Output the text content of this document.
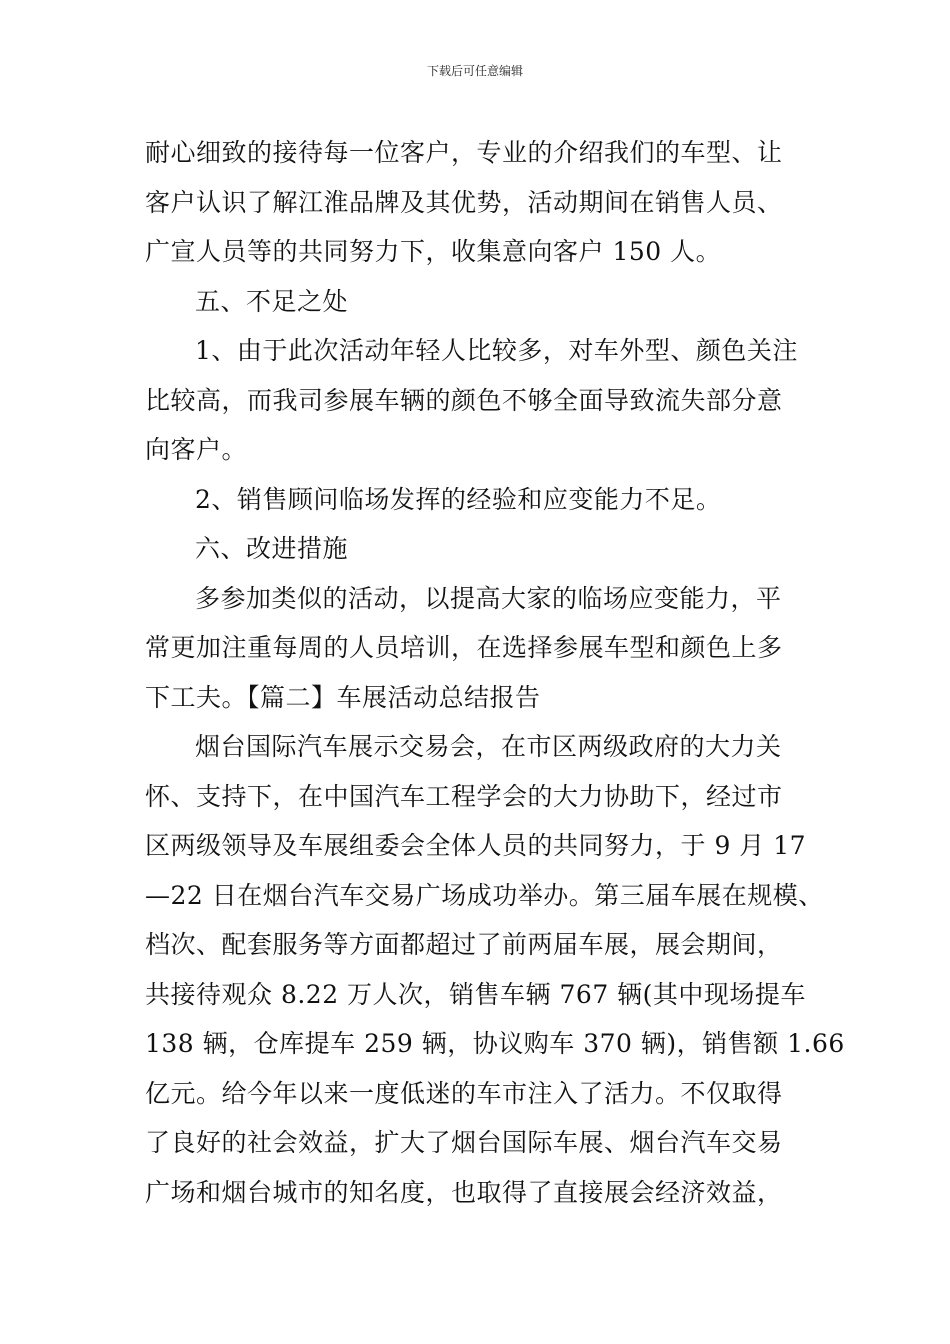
下载后可任意编辑
耐心细致的接待每一位客户，专业的介绍我们的车型、让
客户认识了解江淮品牌及其优势，活动期间在销售人员、
广宣人员等的共同努力下，收集意向客户 150 人。
五、不足之处
1、由于此次活动年轻人比较多，对车外型、颜色关注
比较高，而我司参展车辆的颜色不够全面导致流失部分意
向客户。
2、销售顾问临场发挥的经验和应变能力不足。
六、改进措施
多参加类似的活动，以提高大家的临场应变能力，平
常更加注重每周的人员培训，在选择参展车型和颜色上多
下工夫。【篇二】车展活动总结报告
烟台国际汽车展示交易会，在市区两级政府的大力关
怀、支持下，在中国汽车工程学会的大力协助下，经过市
区两级领导及车展组委会全体人员的共同努力，于 9 月 17
—22 日在烟台汽车交易广场成功举办。第三届车展在规模、
档次、配套服务等方面都超过了前两届车展，展会期间，
共接待观众 8.22 万人次，销售车辆 767 辆(其中现场提车
138 辆，仓库提车 259 辆，协议购车 370 辆)，销售额 1.66
亿元。给今年以来一度低迷的车市注入了活力。不仅取得
了良好的社会效益，扩大了烟台国际车展、烟台汽车交易
广场和烟台城市的知名度，也取得了直接展会经济效益，
